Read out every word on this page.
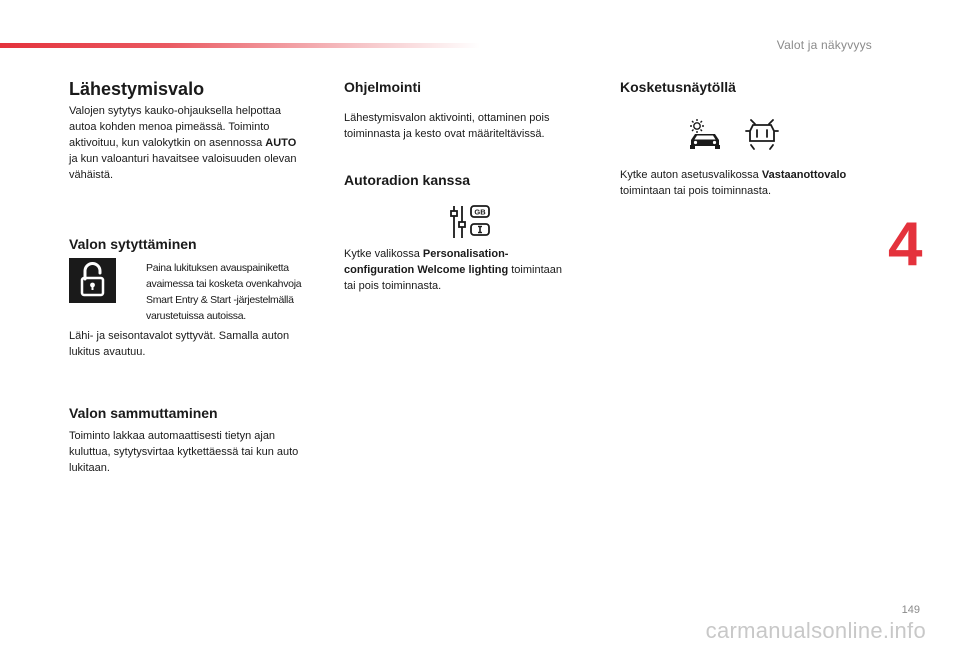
Valot ja näkyvyys
4
Lähestymisvalo

Valojen sytytys kauko-ohjauksella helpottaa

autoa kohden menoa pimeässä. Toiminto

aktivoituu, kun valokytkin on asennossa AUTO

ja kun valoanturi havaitsee valoisuuden olevan

vähäistä.

Valon sytyttäminen
Paina lukituksen avauspainiketta
avaimessa tai kosketa ovenkahvoja
Smart Entry & Start -järjestelmällä
varustetuissa autoissa.

Lähi- ja seisontavalot syttyvät. Samalla auton

lukitus avautuu.

Valon sammuttaminen

Toiminto lakkaa automaattisesti tietyn ajan

kuluttua, sytytysvirtaa kytkettäessä tai kun auto

lukitaan.

Ohjelmointi

Lähestymisvalon aktivointi, ottaminen pois

toiminnasta ja kesto ovat määriteltävissä.

Autoradion kanssa
GB

Kytke valikossa Personalisation-

configuration Welcome lighting toimintaan

tai pois toiminnasta.

Kosketusnäytöllä

Kytke auton asetusvalikossa Vastaanottovalo

toimintaan tai pois toiminnasta.

149
carmanualsonline.info
